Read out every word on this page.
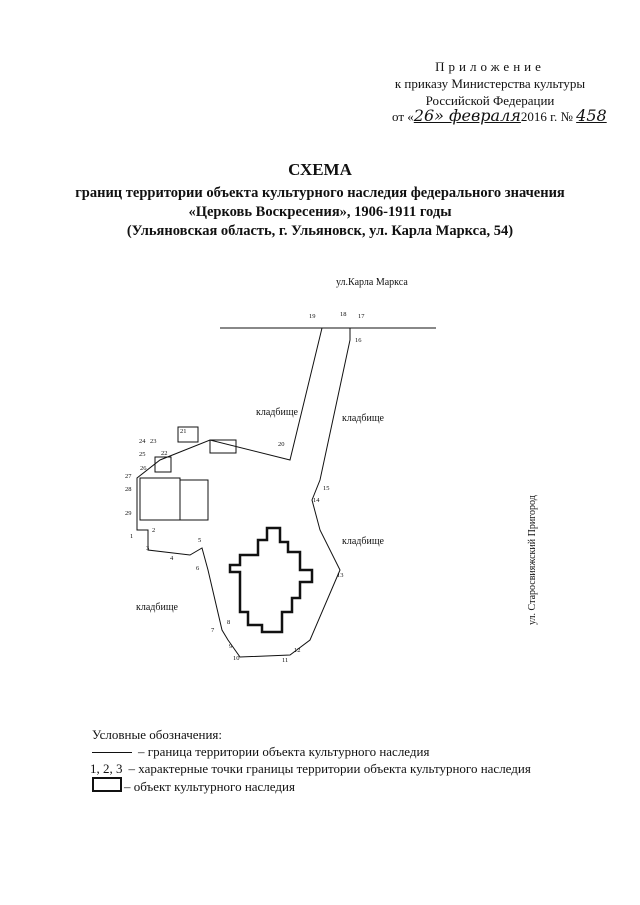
Приложение
к приказу Министерства культуры
Российской Федерации
от «26» февраля2016 г. № 458
СХЕМА
границ территории объекта культурного наследия федерального значения
«Церковь Воскресения», 1906-1911 годы
(Ульяновская область, г. Ульяновск, ул. Карла Маркса, 54)
ул.Карла Маркса
ул. Старосвияжский Пригород
1
2
3
4
5
6
7
8
9
10	11
12
13
14
15
16
17
18
19
20
21
22
23
24
25
26
27
28
29
кладбище
кладбище
кладбище
кладбище
Условные обозначения:
– граница территории объекта культурного наследия
1, 2, 3 – характерные точки границы территории объекта культурного наследия
– объект культурного наследия
